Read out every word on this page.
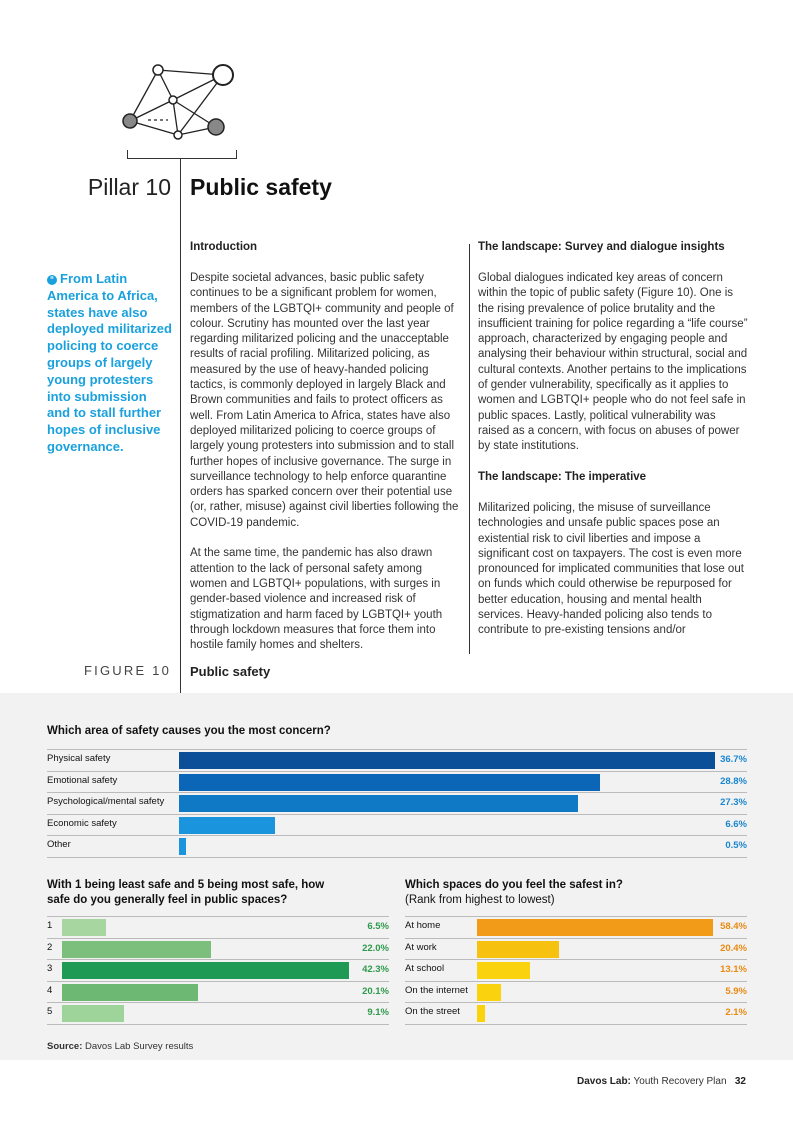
Pillar 10 Public safety
“ From Latin America to Africa, states have also deployed militarized policing to coerce groups of largely young protesters into submission and to stall further hopes of inclusive governance.
Introduction

Despite societal advances, basic public safety continues to be a significant problem for women, members of the LGBTQI+ community and people of colour. Scrutiny has mounted over the last year regarding militarized policing and the unacceptable results of racial profiling. Militarized policing, as measured by the use of heavy-handed policing tactics, is commonly deployed in largely Black and Brown communities and fails to protect officers as well. From Latin America to Africa, states have also deployed militarized policing to coerce groups of largely young protesters into submission and to stall further hopes of inclusive governance. The surge in surveillance technology to help enforce quarantine orders has sparked concern over their potential use (or, rather, misuse) against civil liberties following the COVID-19 pandemic.

At the same time, the pandemic has also drawn attention to the lack of personal safety among women and LGBTQI+ populations, with surges in gender-based violence and increased risk of stigmatization and harm faced by LGBTQI+ youth through lockdown measures that force them into hostile family homes and shelters.

The landscape: Survey and dialogue insights

Global dialogues indicated key areas of concern within the topic of public safety (Figure 10). One is the rising prevalence of police brutality and the insufficient training for police regarding a “life course” approach, characterized by engaging people and analysing their behaviour within structural, social and cultural contexts. Another pertains to the implications of gender vulnerability, specifically as it applies to women and LGBTQI+ people who do not feel safe in public spaces. Lastly, political vulnerability was raised as a concern, with focus on abuses of power by state institutions.

The landscape: The imperative

Militarized policing, the misuse of surveillance technologies and unsafe public spaces pose an existential risk to civil liberties and impose a significant cost on taxpayers. The cost is even more pronounced for implicated communities that lose out on funds which could otherwise be repurposed for better education, housing and mental health services. Heavy-handed policing also tends to contribute to pre-existing tensions and/or

FIGURE 10 Public safety
Which area of safety causes you the most concern?
Physical safety	36.7%
Emotional safety	28.8%
Psychological/mental safety	27.3%
Economic safety	6.6%
Other	0.5%
With 1 being least safe and 5 being most safe, how safe do you generally feel in public spaces?
1	6.5%
2	22.0%
3	42.3%
4	20.1%
5	9.1%
Which spaces do you feel the safest in?
(Rank from highest to lowest)
At home	58.4%
At work	20.4%
At school	13.1%
On the internet	5.9%
On the street	2.1%
Source: Davos Lab Survey results
Davos Lab: Youth Recovery Plan 32
